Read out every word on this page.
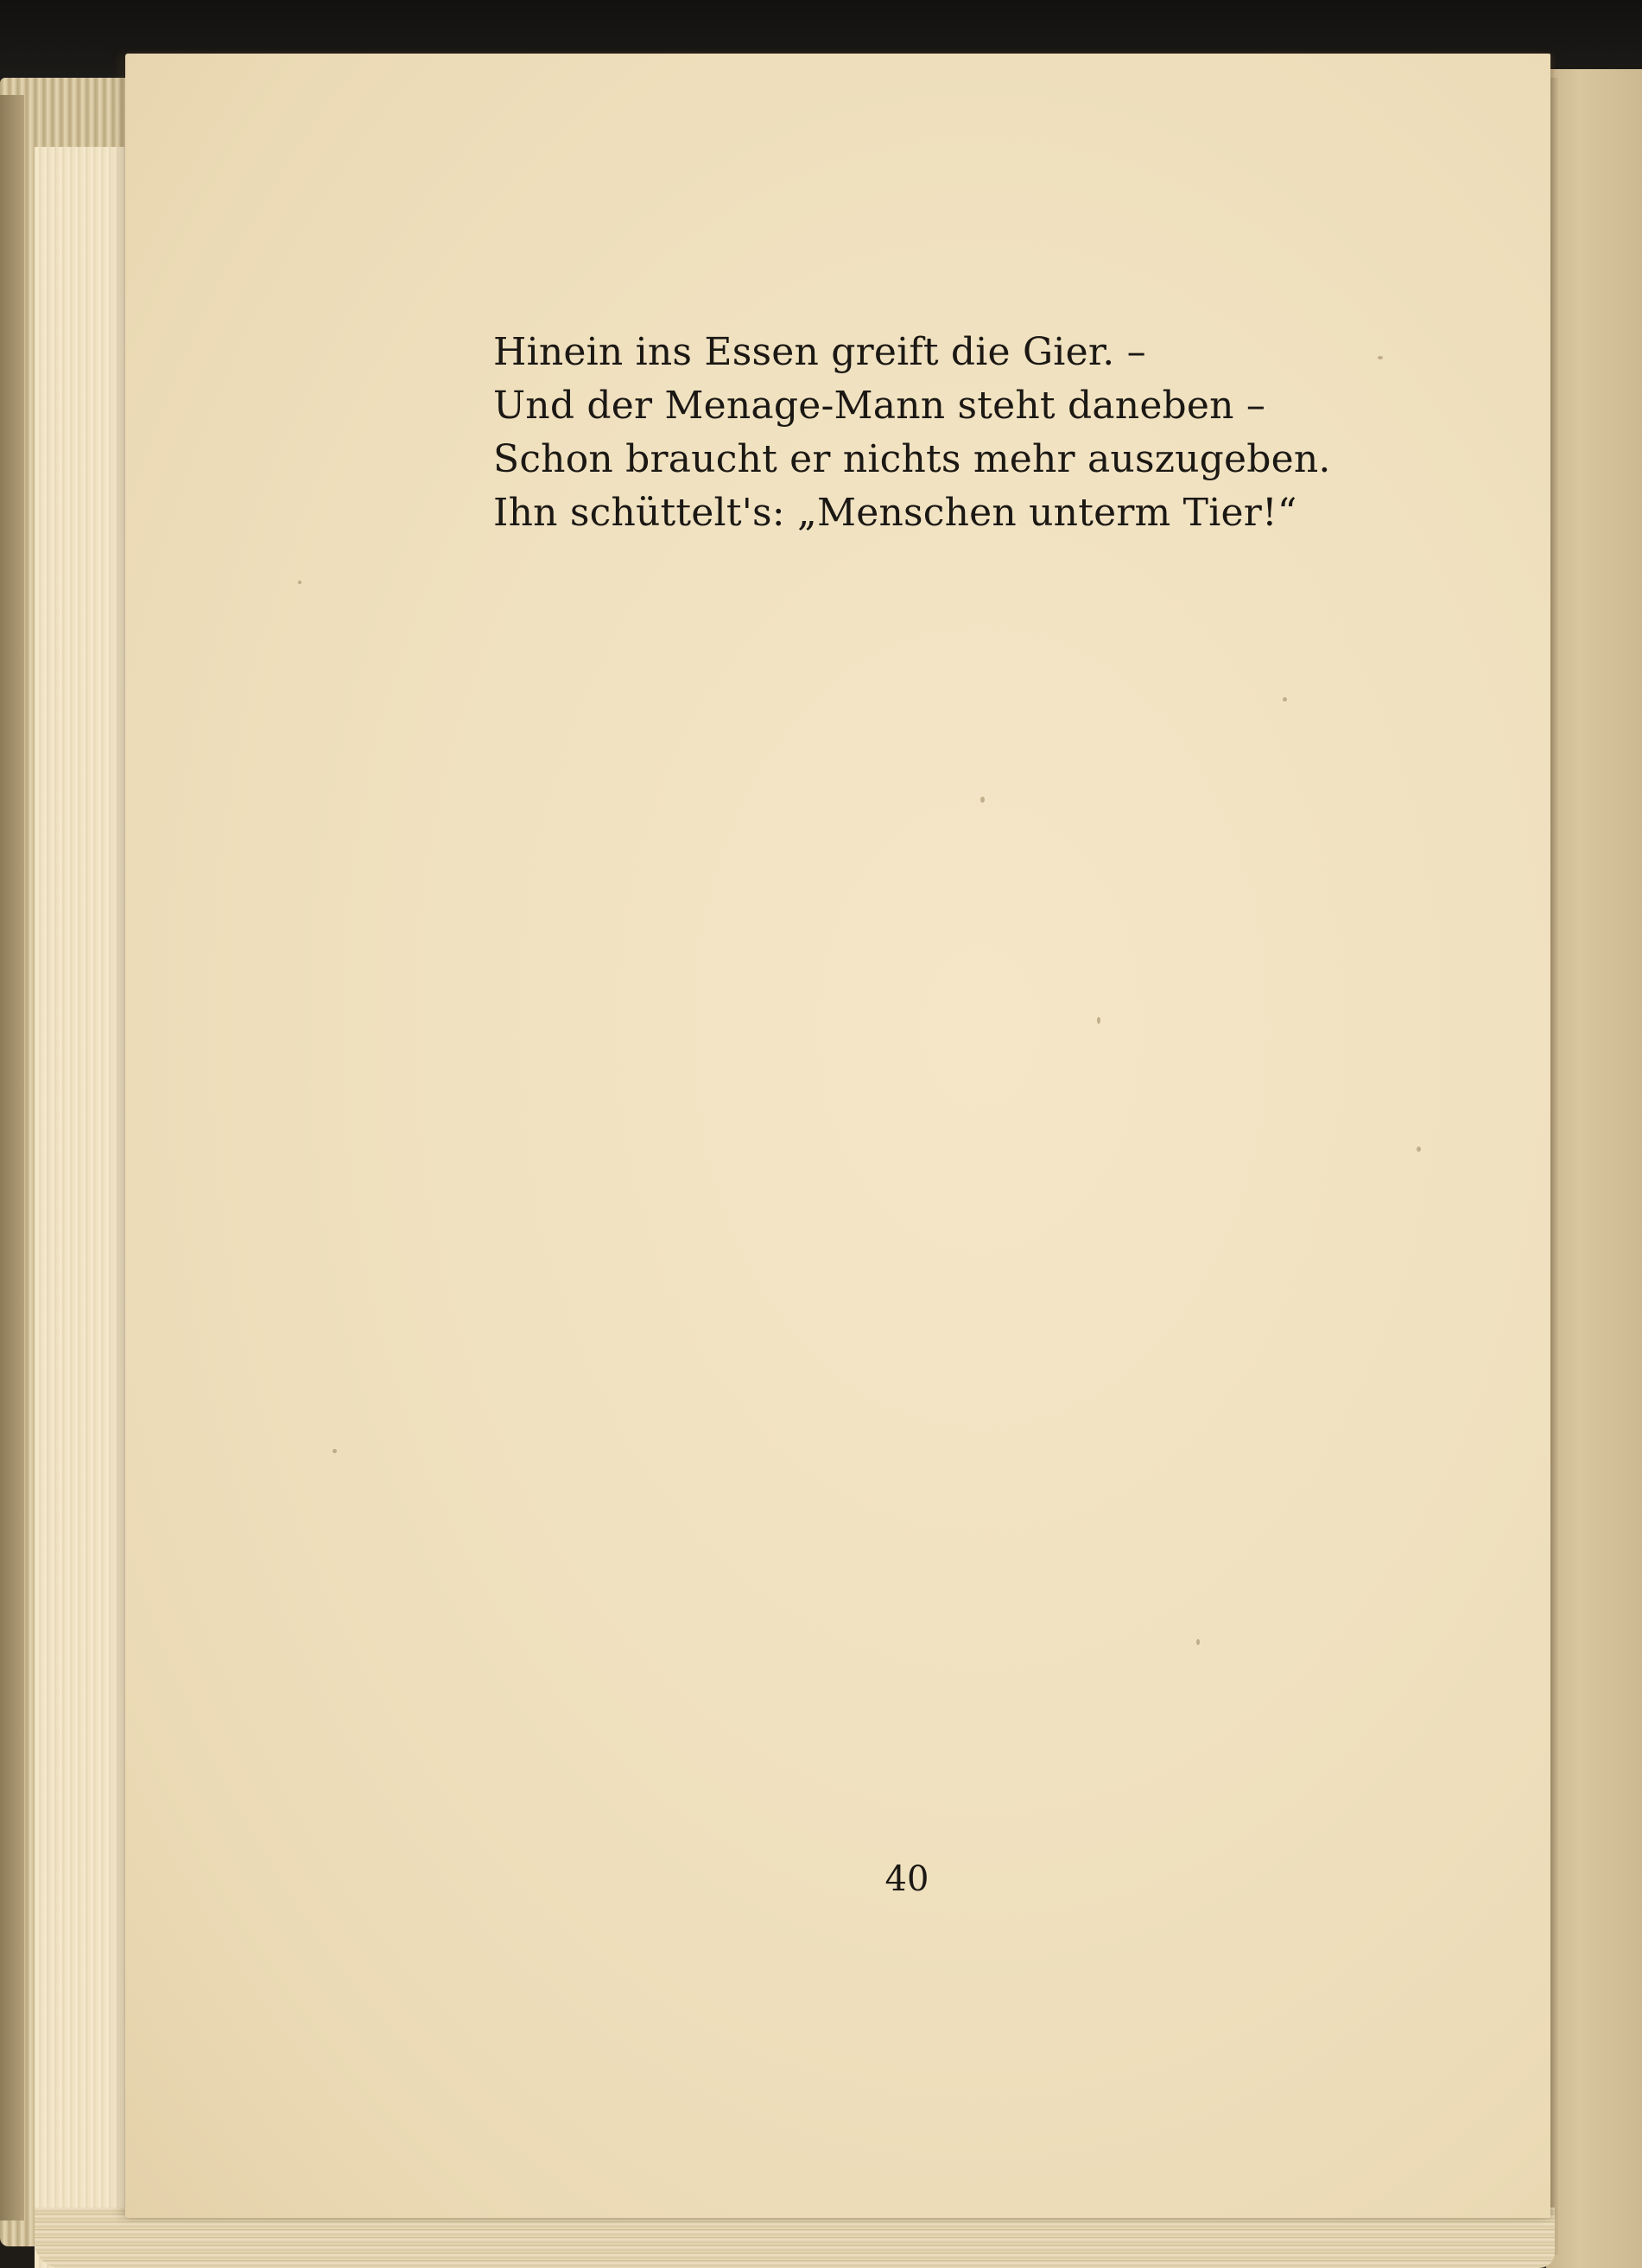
Hinein ins Essen greift die Gier. –
Und der Menage-Mann steht daneben –
Schon braucht er nichts mehr auszugeben.
Ihn schüttelt's: „Menschen unterm Tier!“
40
